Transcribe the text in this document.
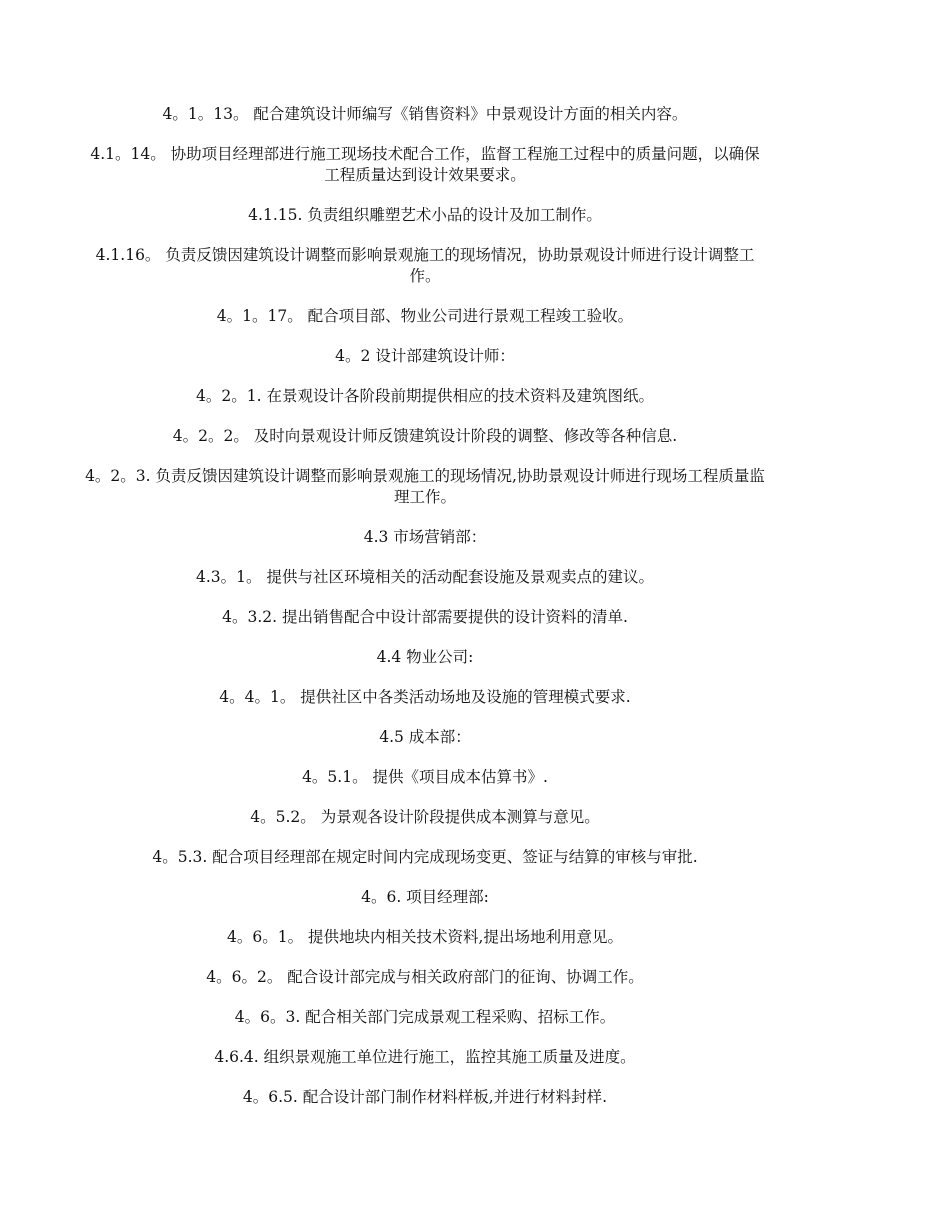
4。1。13。 配合建筑设计师编写《销售资料》中景观设计方面的相关内容。

4.1。14。 协助项目经理部进行施工现场技术配合工作，监督工程施工过程中的质量问题，以确保工程质量达到设计效果要求。

4.1.15. 负责组织雕塑艺术小品的设计及加工制作。

4.1.16。 负责反馈因建筑设计调整而影响景观施工的现场情况，协助景观设计师进行设计调整工作。

4。1。17。 配合项目部、物业公司进行景观工程竣工验收。

4。2 设计部建筑设计师：

4。2。1. 在景观设计各阶段前期提供相应的技术资料及建筑图纸。

4。2。2。 及时向景观设计师反馈建筑设计阶段的调整、修改等各种信息.

4。2。3. 负责反馈因建筑设计调整而影响景观施工的现场情况,协助景观设计师进行现场工程质量监理工作。

4.3 市场营销部：

4.3。1。 提供与社区环境相关的活动配套设施及景观卖点的建议。

4。3.2. 提出销售配合中设计部需要提供的设计资料的清单.

4.4 物业公司:

4。4。1。 提供社区中各类活动场地及设施的管理模式要求.

4.5 成本部：

4。5.1。 提供《项目成本估算书》.

4。5.2。 为景观各设计阶段提供成本测算与意见。

4。5.3. 配合项目经理部在规定时间内完成现场变更、签证与结算的审核与审批.

4。6. 项目经理部:

4。6。1。 提供地块内相关技术资料,提出场地利用意见。

4。6。2。 配合设计部完成与相关政府部门的征询、协调工作。

4。6。3. 配合相关部门完成景观工程采购、招标工作。

4.6.4. 组织景观施工单位进行施工，监控其施工质量及进度。

4。6.5. 配合设计部门制作材料样板,并进行材料封样.
